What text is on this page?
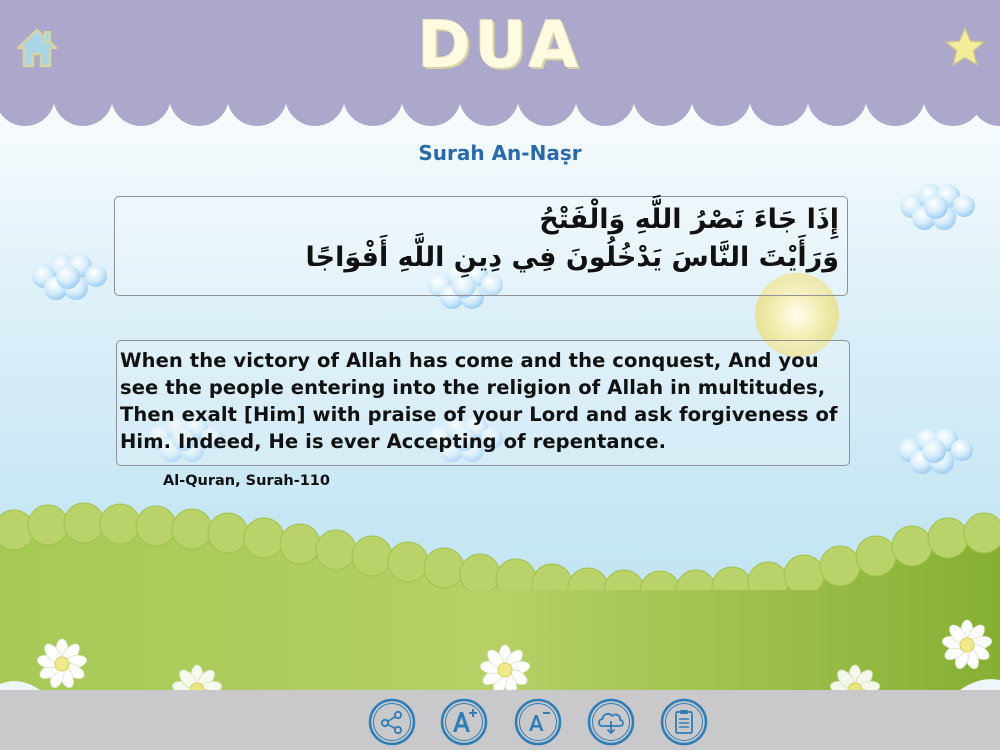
DUA
Surah An-Naṣr
إِذَا جَاءَ نَصْرُ اللَّهِ وَالْفَتْحُ
وَرَأَيْتَ النَّاسَ يَدْخُلُونَ فِي دِينِ اللَّهِ أَفْوَاجًا
When the victory of Allah has come and the conquest, And you see the people entering into the religion of Allah in multitudes, Then exalt [Him] with praise of your Lord and ask forgiveness of Him. Indeed, He is ever Accepting of repentance.
Al-Quran, Surah-110
